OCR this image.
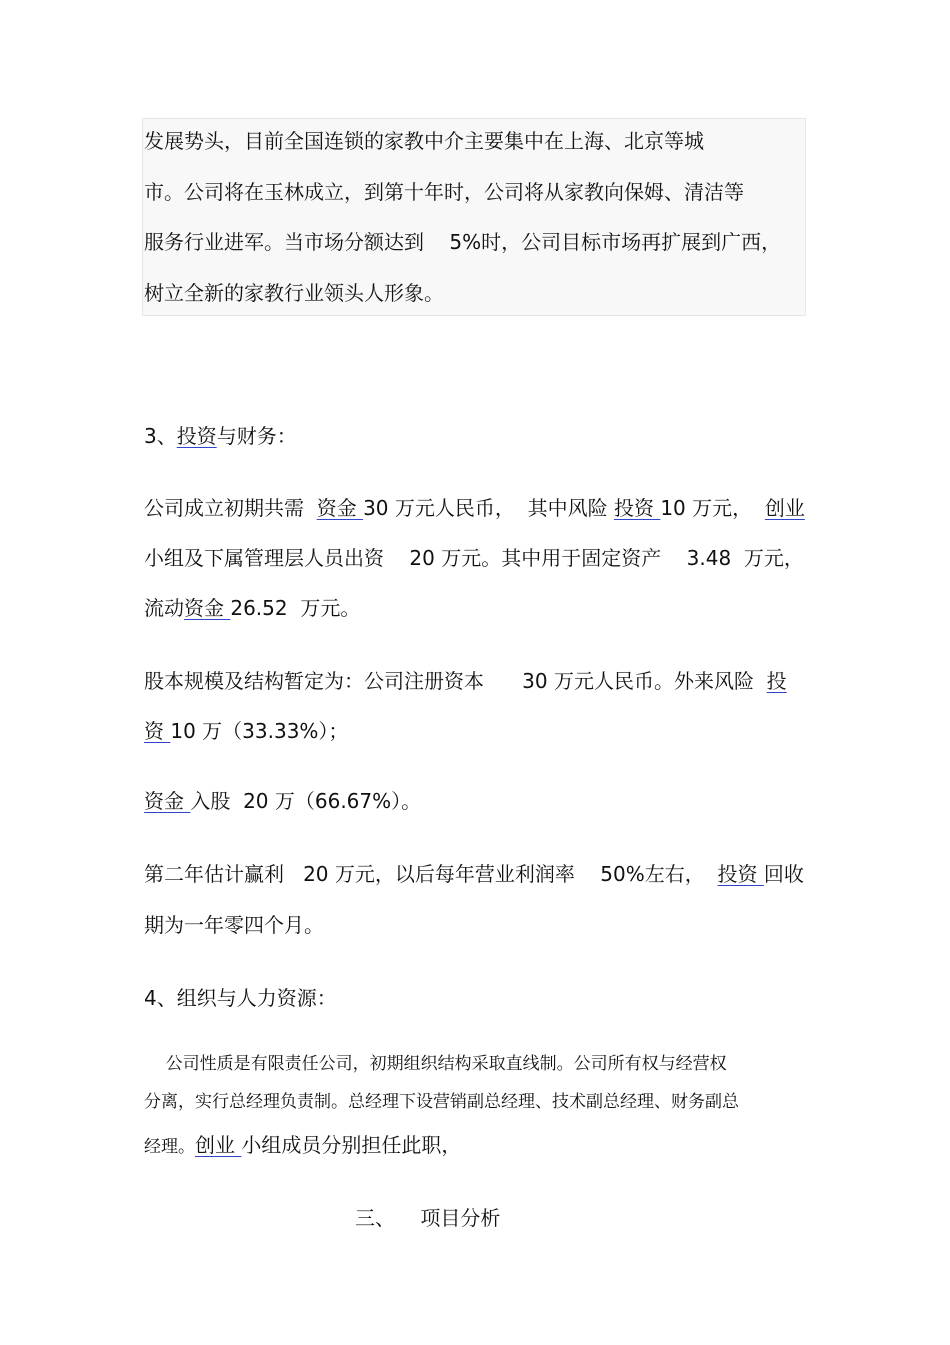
发展势头，目前全国连锁的家教中介主要集中在上海、北京等城
市。公司将在玉林成立，到第十年时，公司将从家教向保姆、清洁等
服务行业进军。当市场分额达到    5%时，公司目标市场再扩展到广西，
树立全新的家教行业领头人形象。
3、投资与财务：
公司成立初期共需  资金 30 万元人民币，  其中风险 投资 10 万元，  创业
小组及下属管理层人员出资    20 万元。其中用于固定资产    3.48  万元，
流动资金 26.52  万元。
股本规模及结构暂定为：公司注册资本      30 万元人民币。外来风险  投
资 10 万（33.33%）；
资金 入股  20 万（66.67%）。
第二年估计赢利   20 万元，以后每年营业利润率    50%左右，  投资 回收
期为一年零四个月。
4、组织与人力资源：
公司性质是有限责任公司，初期组织结构采取直线制。公司所有权与经营权
分离，实行总经理负责制。总经理下设营销副总经理、技术副总经理、财务副总
经理。创业 小组成员分别担任此职，
三、    项目分析
